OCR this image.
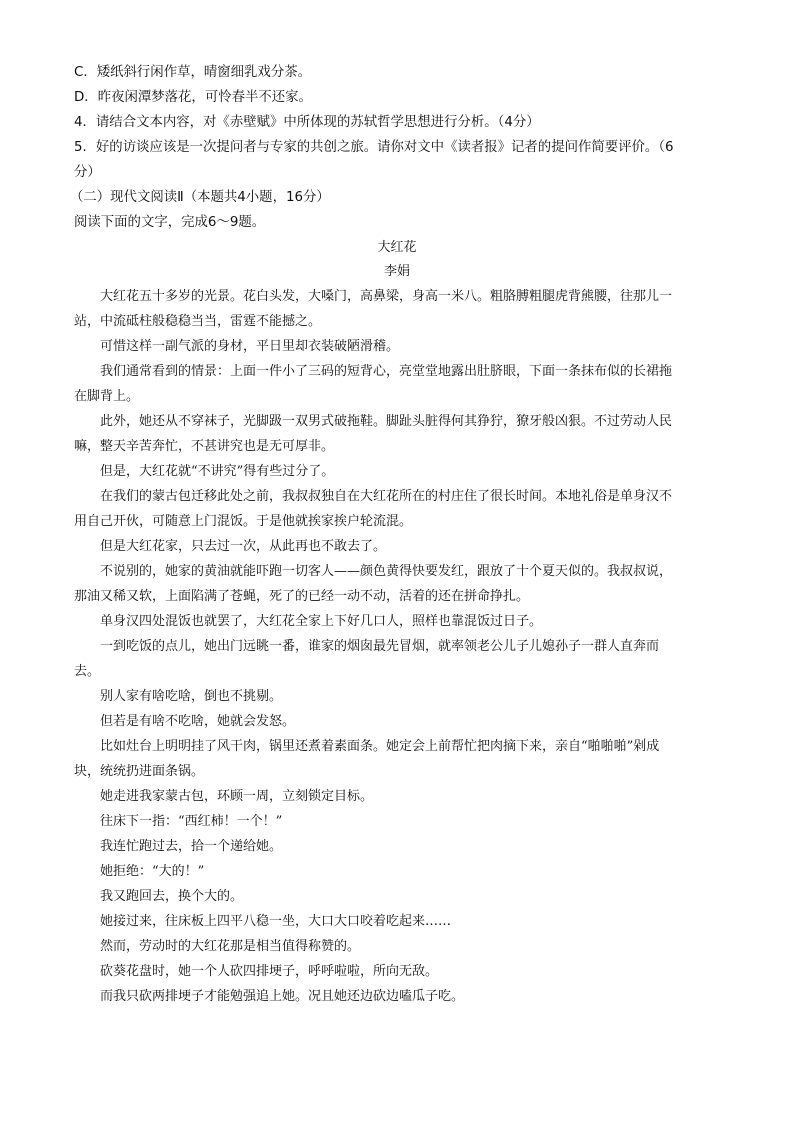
C．矮纸斜行闲作草，晴窗细乳戏分茶。
D．昨夜闲潭梦落花，可怜春半不还家。
4．请结合文本内容，对《赤壁赋》中所体现的苏轼哲学思想进行分析。（4分）
5．好的访谈应该是一次提问者与专家的共创之旅。请你对文中《读者报》记者的提问作简要评价。（6
分）
（二）现代文阅读Ⅱ（本题共4小题，16分）
阅读下面的文字，完成6～9题。
大红花
李娟
大红花五十多岁的光景。花白头发，大嗓门，高鼻梁，身高一米八。粗胳膊粗腿虎背熊腰，往那儿一
站，中流砥柱般稳稳当当，雷霆不能撼之。
可惜这样一副气派的身材，平日里却衣装破陋滑稽。
我们通常看到的情景：上面一件小了三码的短背心，亮堂堂地露出肚脐眼，下面一条抹布似的长裙拖
在脚背上。
此外，她还从不穿袜子，光脚趿一双男式破拖鞋。脚趾头脏得何其狰狞，獠牙般凶狠。不过劳动人民
嘛，整天辛苦奔忙，不甚讲究也是无可厚非。
但是，大红花就“不讲究”得有些过分了。
在我们的蒙古包迁移此处之前，我叔叔独自在大红花所在的村庄住了很长时间。本地礼俗是单身汉不
用自己开伙，可随意上门混饭。于是他就挨家挨户轮流混。
但是大红花家，只去过一次，从此再也不敢去了。
不说别的，她家的黄油就能吓跑一切客人——颜色黄得快要发红，跟放了十个夏天似的。我叔叔说，
那油又稀又软，上面陷满了苍蝇，死了的已经一动不动，活着的还在拼命挣扎。
单身汉四处混饭也就罢了，大红花全家上下好几口人，照样也靠混饭过日子。
一到吃饭的点儿，她出门远眺一番，谁家的烟囱最先冒烟，就率领老公儿子儿媳孙子一群人直奔而
去。
别人家有啥吃啥，倒也不挑剔。
但若是有啥不吃啥，她就会发怒。
比如灶台上明明挂了风干肉，锅里还煮着素面条。她定会上前帮忙把肉摘下来，亲自“啪啪啪”剁成
块，统统扔进面条锅。
她走进我家蒙古包，环顾一周，立刻锁定目标。
往床下一指：“西红柿！一个！”
我连忙跑过去，拾一个递给她。
她拒绝：“大的！”
我又跑回去，换个大的。
她接过来，往床板上四平八稳一坐，大口大口咬着吃起来……
然而，劳动时的大红花那是相当值得称赞的。
砍葵花盘时，她一个人砍四排埂子，呼呼啦啦，所向无敌。
而我只砍两排埂子才能勉强追上她。况且她还边砍边嗑瓜子吃。
